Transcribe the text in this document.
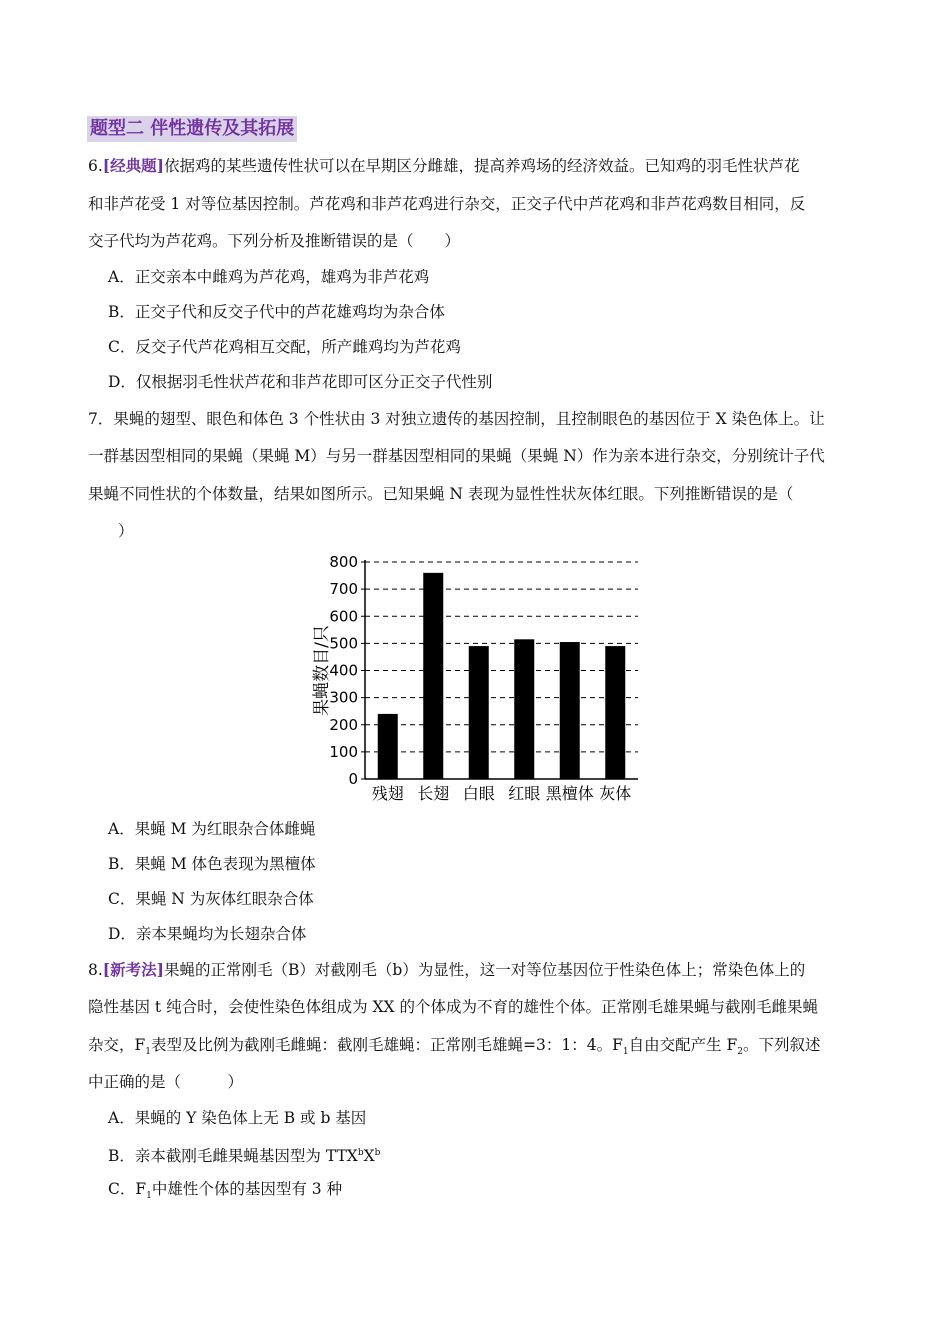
题型二 伴性遗传及其拓展
6.[经典题]依据鸡的某些遗传性状可以在早期区分雌雄，提高养鸡场的经济效益。已知鸡的羽毛性状芦花
和非芦花受 1 对等位基因控制。芦花鸡和非芦花鸡进行杂交，正交子代中芦花鸡和非芦花鸡数目相同，反
交子代均为芦花鸡。下列分析及推断错误的是（　　）
A．正交亲本中雌鸡为芦花鸡，雄鸡为非芦花鸡
B．正交子代和反交子代中的芦花雄鸡均为杂合体
C．反交子代芦花鸡相互交配，所产雌鸡均为芦花鸡
D．仅根据羽毛性状芦花和非芦花即可区分正交子代性别
7．果蝇的翅型、眼色和体色 3 个性状由 3 对独立遗传的基因控制，且控制眼色的基因位于 X 染色体上。让
一群基因型相同的果蝇（果蝇 M）与另一群基因型相同的果蝇（果蝇 N）作为亲本进行杂交，分别统计子代
果蝇不同性状的个体数量，结果如图所示。已知果蝇 N 表现为显性性状灰体红眼。下列推断错误的是（
）
0
100
200
300
400
500
600
700
800
残翅 长翅 白眼 红眼 黑檀体 灰体
果蝇数目/只
A．果蝇 M 为红眼杂合体雌蝇
B．果蝇 M 体色表现为黑檀体
C．果蝇 N 为灰体红眼杂合体
D．亲本果蝇均为长翅杂合体
8.[新考法]果蝇的正常刚毛（B）对截刚毛（b）为显性，这一对等位基因位于性染色体上；常染色体上的
隐性基因 t 纯合时，会使性染色体组成为 XX 的个体成为不育的雄性个体。正常刚毛雄果蝇与截刚毛雌果蝇
杂交，$F_1$表型及比例为截刚毛雌蝇：截刚毛雄蝇：正常刚毛雄蝇=3：1：4。$F_1$自由交配产生 $F_2$。下列叙述
中正确的是（　　　）
A．果蝇的 Y 染色体上无 B 或 b 基因
B．亲本截刚毛雌果蝇基因型为 $TTX^bX^b$
C．$F_1$中雄性个体的基因型有 3 种
